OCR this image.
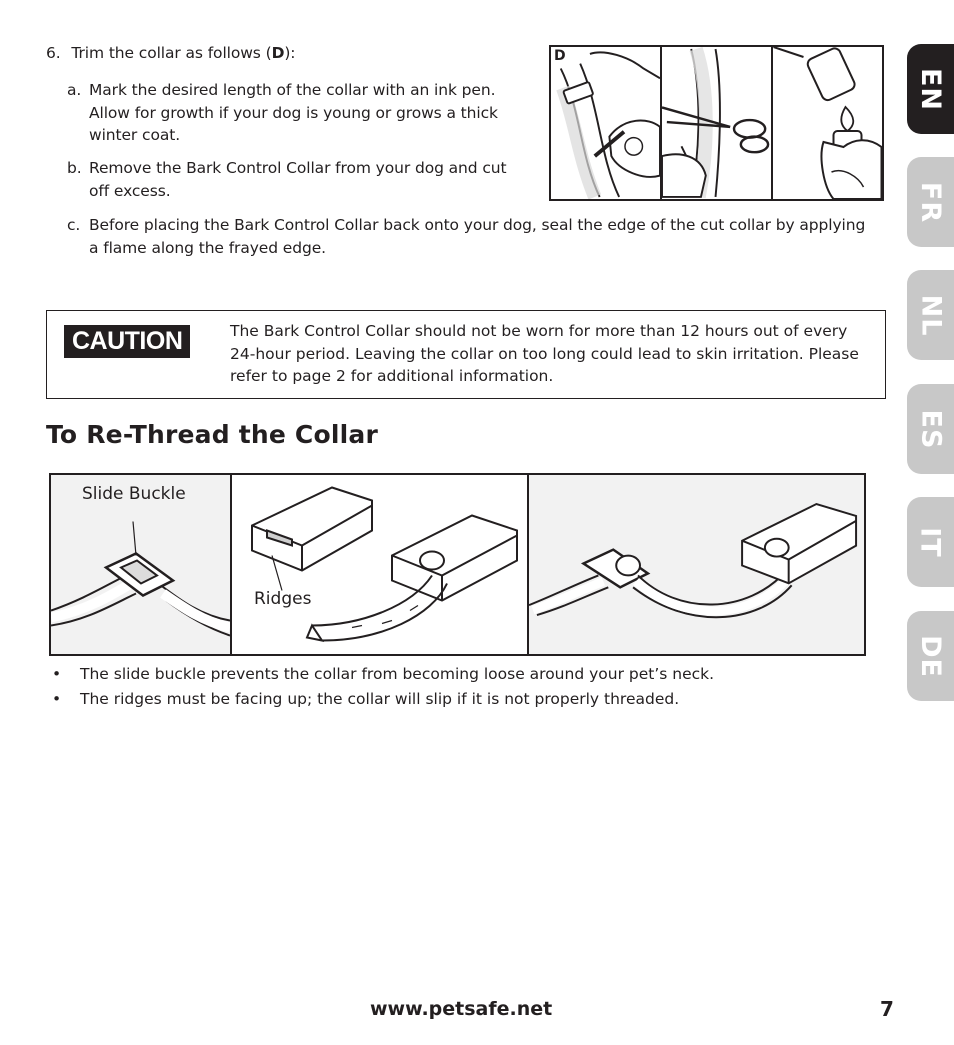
6. Trim the collar as follows (D):
a. Mark the desired length of the collar with an ink pen.
Allow for growth if your dog is young or grows a thick
winter coat.
b. Remove the Bark Control Collar from your dog and cut
off excess.
c. Before placing the Bark Control Collar back onto your dog, seal the edge of the cut collar by applying
a flame along the frayed edge.
D
CAUTION	The Bark Control Collar should not be worn for more than 12 hours out of every
24-hour period. Leaving the collar on too long could lead to skin irritation. Please
refer to page 2 for additional information.
To Re-Thread the Collar
Slide Buckle
Ridges
• The slide buckle prevents the collar from becoming loose around your pet’s neck.
• The ridges must be facing up; the collar will slip if it is not properly threaded.
EN
FR
NL
ES
IT
DE
www.petsafe.net	7
